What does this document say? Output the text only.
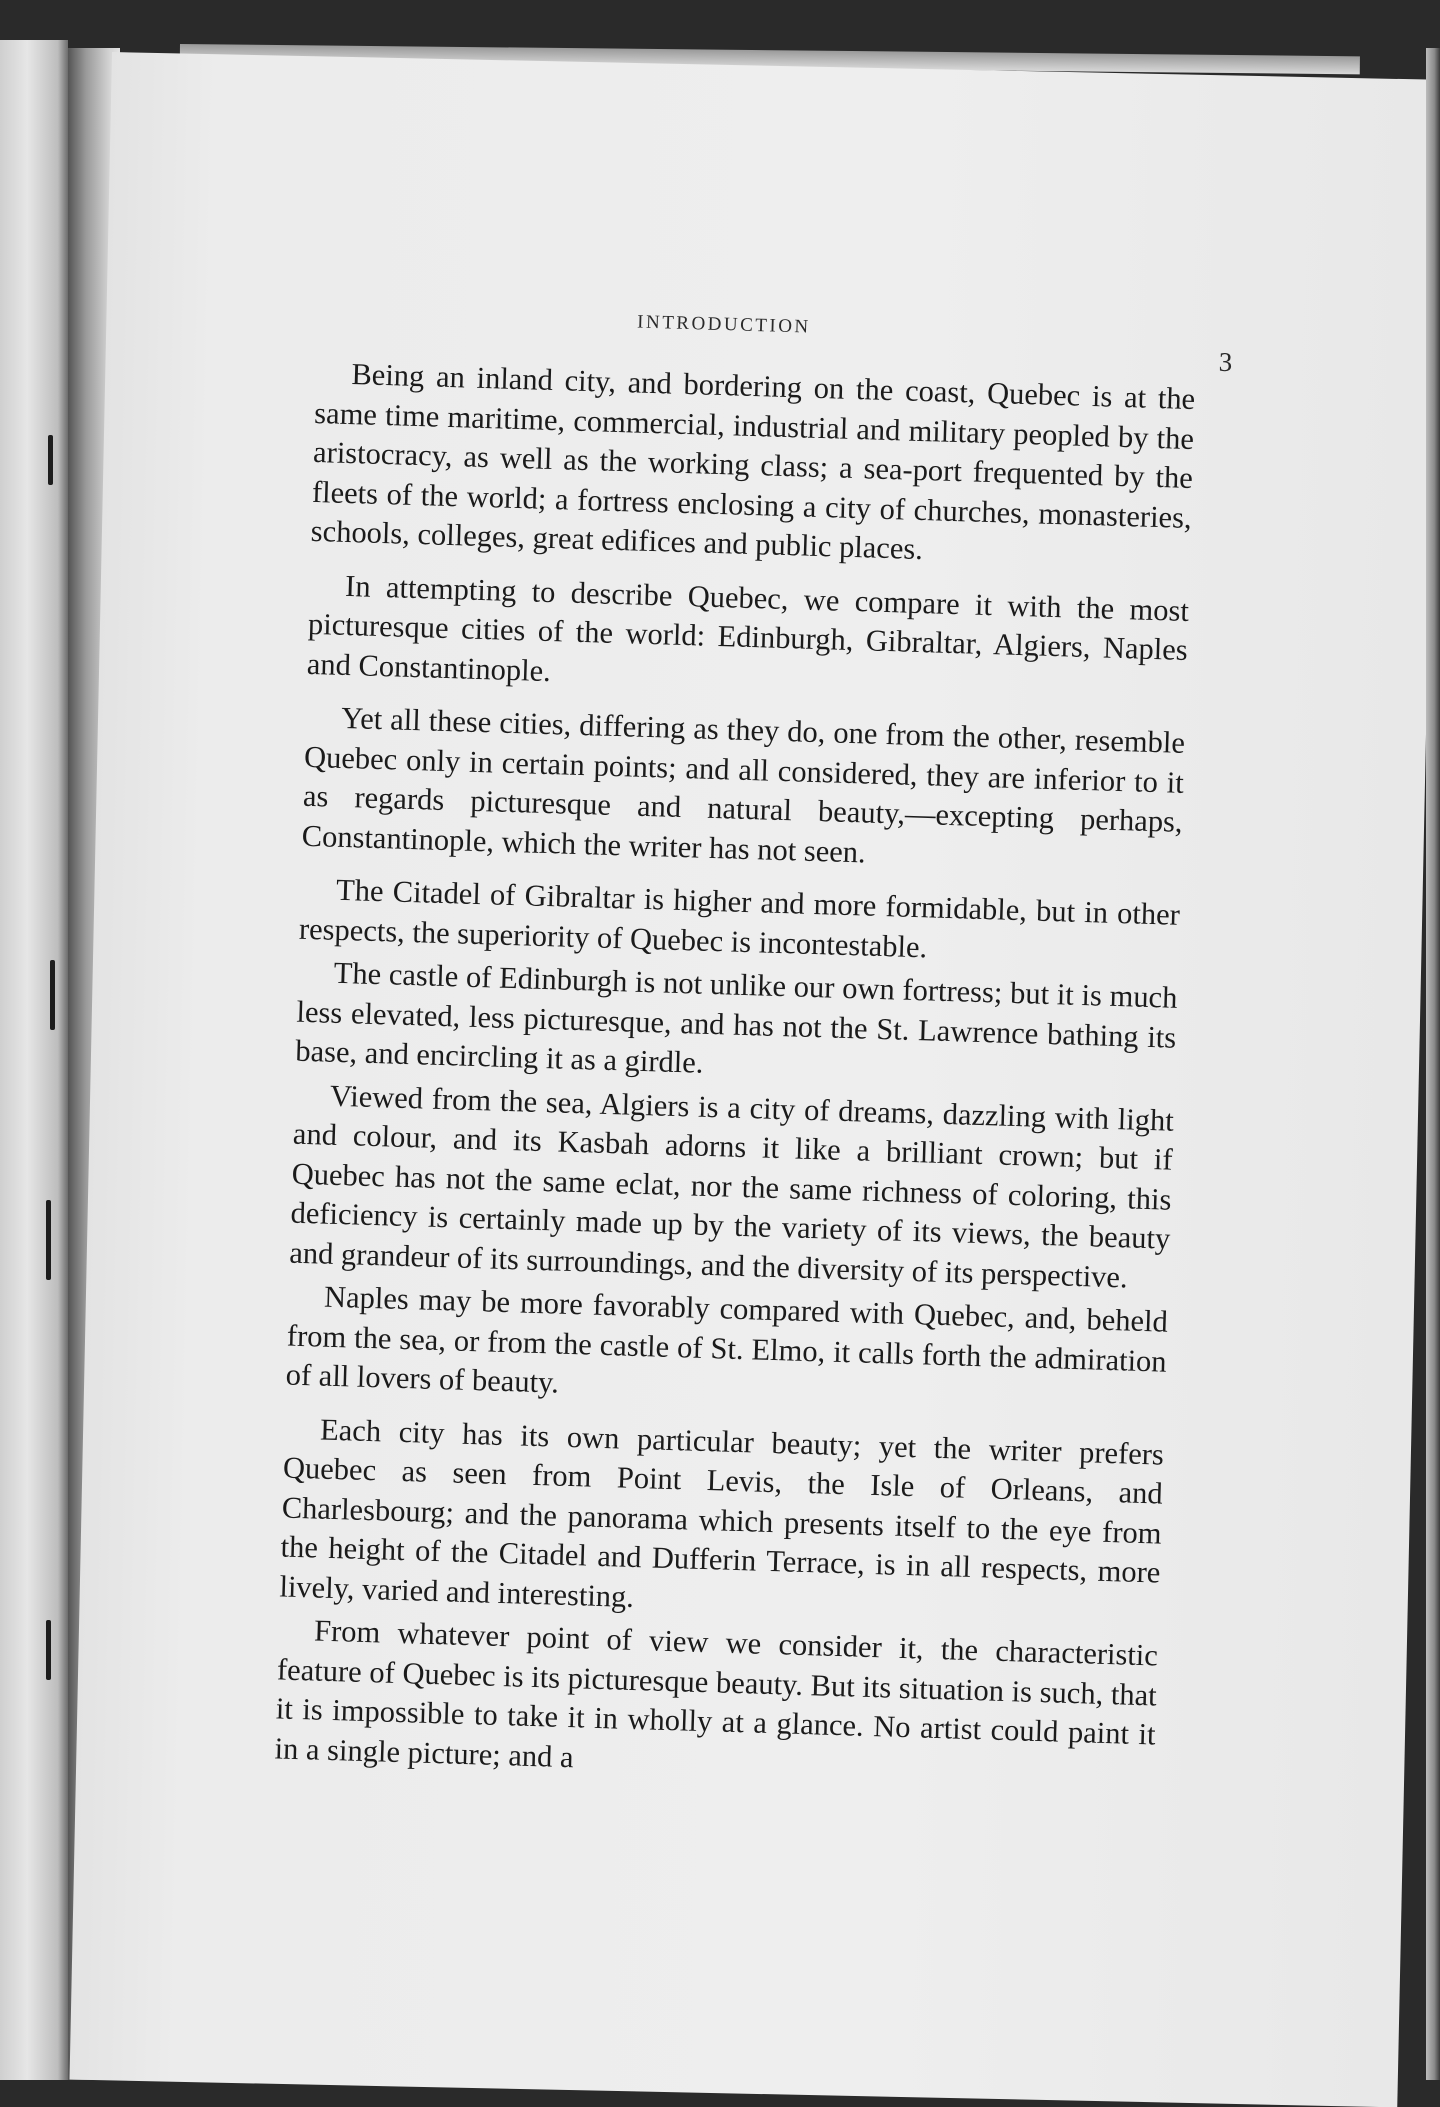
INTRODUCTION
3

Being an inland city, and bordering on the coast, Quebec is at the same time maritime, commercial, industrial and military peopled by the aristocracy, as well as the working class; a sea-port frequented by the fleets of the world; a fortress enclosing a city of churches, monasteries, schools, colleges, great edifices and public places.

In attempting to describe Quebec, we compare it with the most picturesque cities of the world: Edinburgh, Gibraltar, Algiers, Naples and Constantinople.

Yet all these cities, differing as they do, one from the other, resemble Quebec only in certain points; and all considered, they are inferior to it as regards picturesque and natural beauty,—excepting perhaps, Constantinople, which the writer has not seen.

The Citadel of Gibraltar is higher and more formidable, but in other respects, the superiority of Quebec is incontestable.

The castle of Edinburgh is not unlike our own fortress; but it is much less elevated, less picturesque, and has not the St. Lawrence bathing its base, and encircling it as a girdle.

Viewed from the sea, Algiers is a city of dreams, dazzling with light and colour, and its Kasbah adorns it like a brilliant crown; but if Quebec has not the same eclat, nor the same richness of coloring, this deficiency is certainly made up by the variety of its views, the beauty and grandeur of its surroundings, and the diversity of its perspective.

Naples may be more favorably compared with Quebec, and, beheld from the sea, or from the castle of St. Elmo, it calls forth the admiration of all lovers of beauty.

Each city has its own particular beauty; yet the writer prefers Quebec as seen from Point Levis, the Isle of Orleans, and Charlesbourg; and the panorama which presents itself to the eye from the height of the Citadel and Dufferin Terrace, is in all respects, more lively, varied and interesting.

From whatever point of view we consider it, the characteristic feature of Quebec is its picturesque beauty. But its situation is such, that it is impossible to take it in wholly at a glance. No artist could paint it in a single picture; and a
